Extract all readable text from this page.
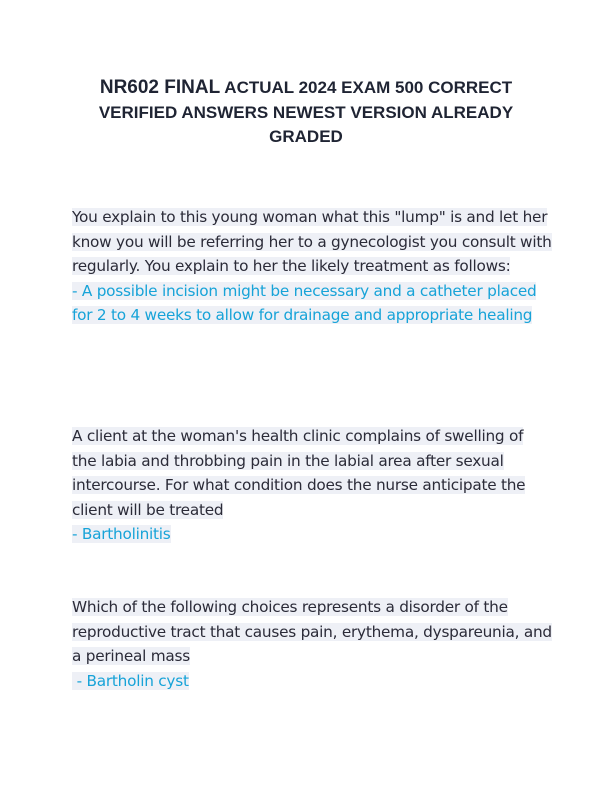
NR602 FINAL ACTUAL 2024 EXAM 500 CORRECT VERIFIED ANSWERS NEWEST VERSION ALREADY GRADED
You explain to this young woman what this "lump" is and let her know you will be referring her to a gynecologist you consult with regularly. You explain to her the likely treatment as follows:
- A possible incision might be necessary and a catheter placed for 2 to 4 weeks to allow for drainage and appropriate healing
A client at the woman's health clinic complains of swelling of the labia and throbbing pain in the labial area after sexual intercourse. For what condition does the nurse anticipate the client will be treated
- Bartholinitis
Which of the following choices represents a disorder of the reproductive tract that causes pain, erythema, dyspareunia, and a perineal mass
- Bartholin cyst
